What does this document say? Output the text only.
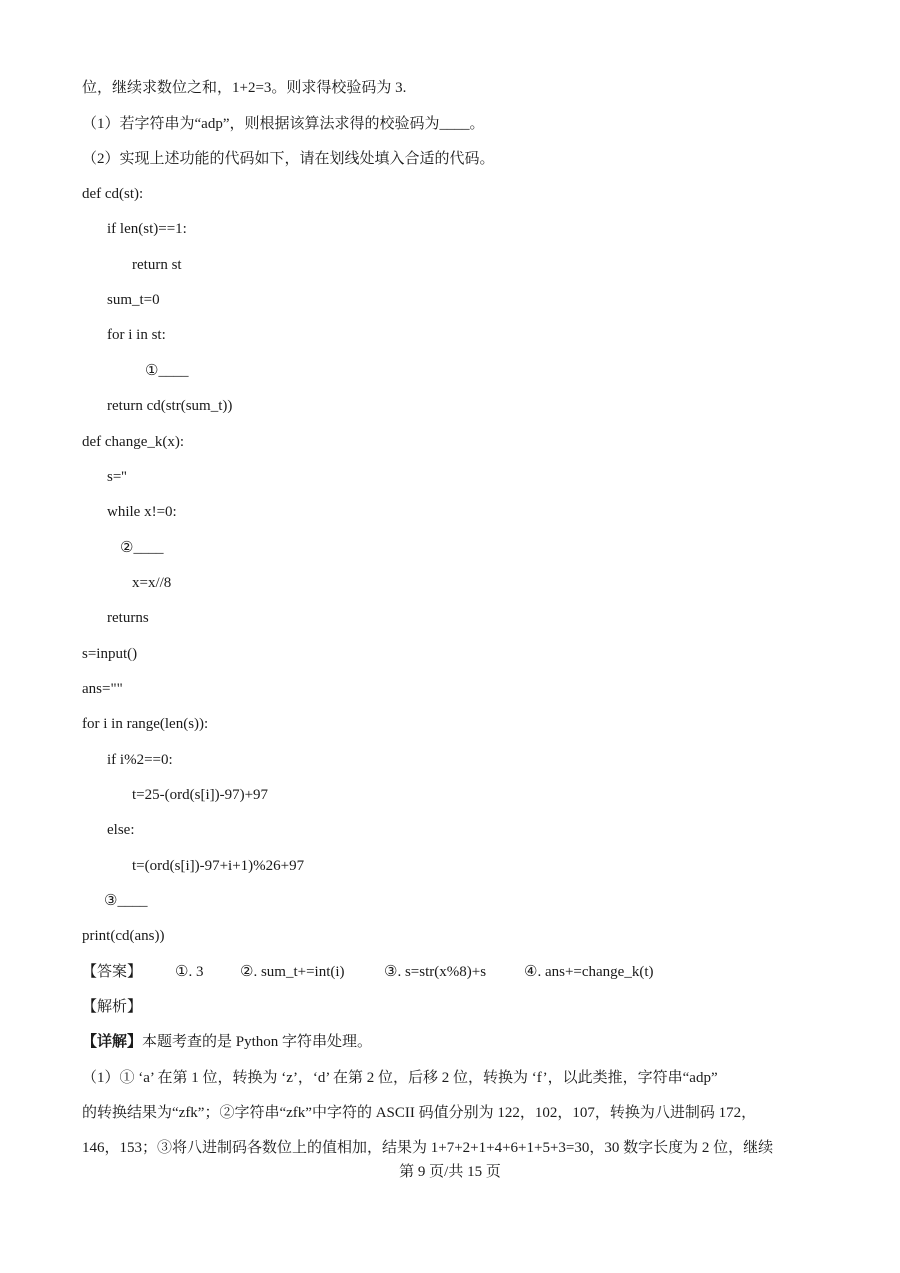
位，继续求数位之和，1+2=3。则求得校验码为 3.
（1）若字符串为“adp”，则根据该算法求得的校验码为____。
（2）实现上述功能的代码如下，请在划线处填入合适的代码。
def cd(st):
if len(st)==1:
return st
sum_t=0
for i in st:
①____
return cd(str(sum_t))
def change_k(x):
s=''
while x!=0:
②____
x=x//8
returns
s=input()
ans=""
for i in range(len(s)):
if i%2==0:
t=25-(ord(s[i])-97)+97
else:
t=(ord(s[i])-97+i+1)%26+97
③____
print(cd(ans))
【答案】 ①. 3 ②. sum_t+=int(i)	③. s=str(x%8)+s	④. ans+=change_k(t)
【解析】
【详解】本题考查的是 Python 字符串处理。
（1）① ‘a’ 在第 1 位，转换为 ‘z’，‘d’ 在第 2 位，后移 2 位，转换为 ‘f’，以此类推，字符串“adp”
的转换结果为“zfk”；②字符串“zfk”中字符的 ASCII 码值分别为 122，102，107，转换为八进制码 172，
146，153；③将八进制码各数位上的值相加，结果为 1+7+2+1+4+6+1+5+3=30，30 数字长度为 2 位，继续
第 9 页/共 15 页
